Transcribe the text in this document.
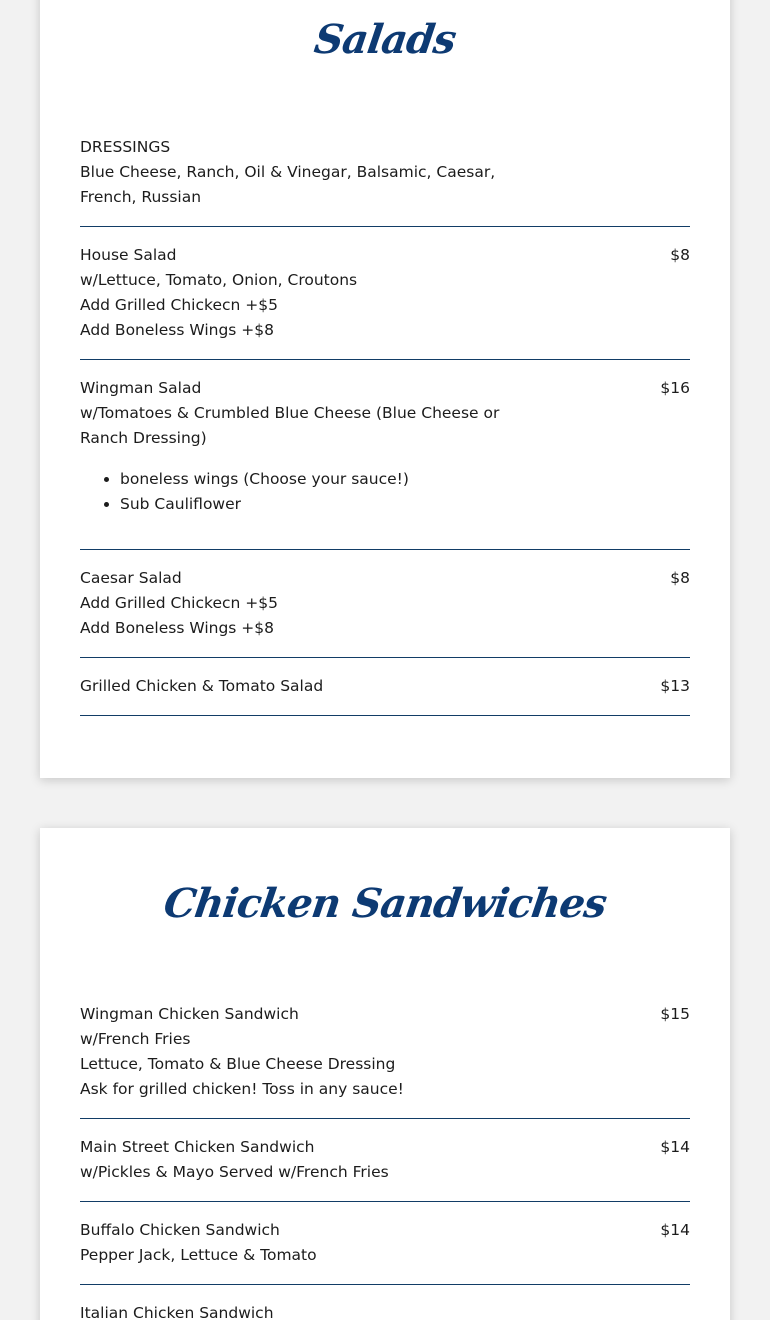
Salads
DRESSINGS
Blue Cheese, Ranch, Oil & Vinegar, Balsamic, Caesar, French, Russian
House Salad	$8
w/Lettuce, Tomato, Onion, Croutons
Add Grilled Chickecn +$5
Add Boneless Wings +$8
Wingman Salad	$16
w/Tomatoes & Crumbled Blue Cheese (Blue Cheese or Ranch Dressing)
• boneless wings (Choose your sauce!)
• Sub Cauliflower
Caesar Salad	$8
Add Grilled Chickecn +$5
Add Boneless Wings +$8
Grilled Chicken & Tomato Salad	$13
Chicken Sandwiches
Wingman Chicken Sandwich	$15
w/French Fries
Lettuce, Tomato & Blue Cheese Dressing
Ask for grilled chicken! Toss in any sauce!
Main Street Chicken Sandwich	$14
w/Pickles & Mayo Served w/French Fries
Buffalo Chicken Sandwich	$14
Pepper Jack, Lettuce & Tomato
Italian Chicken Sandwich
